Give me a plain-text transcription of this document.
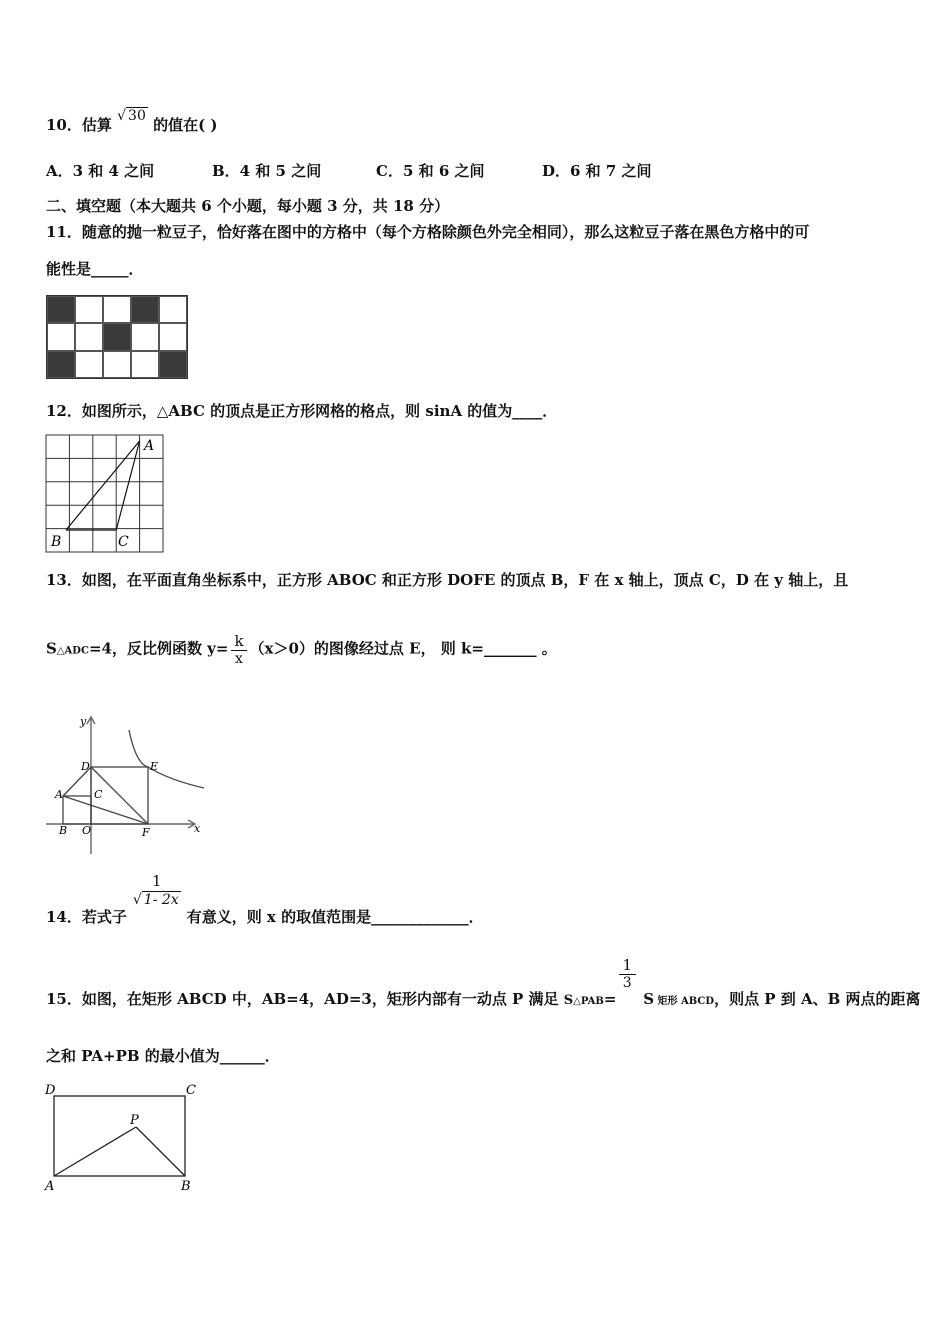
10．估算 √ 30 的值在( )
A．3 和 4 之间	B．4 和 5 之间	C．5 和 6 之间	D．6 和 7 之间
二、填空题（本大题共 6 个小题，每小题 3 分，共 18 分）
11．随意的抛一粒豆子，恰好落在图中的方格中（每个方格除颜色外完全相同），那么这粒豆子落在黑色方格中的可
能性是_____．
12．如图所示，△ABC 的顶点是正方形网格的格点，则 sinA 的值为____．
A
B	C
13．如图，在平面直角坐标系中，正方形 ABOC 和正方形 DOFE 的顶点 B，F 在 x 轴上，顶点 C，D 在 y 轴上，且
S△ADC=4，反比例函数 $y= \frac{k}{x} (x>0)$的图像经过点 E， 则 k=_______ 。
y
x
D	E
A	C
B O	F
14．若式子
1
√ 1- 2x
有意义，则 x 的取值范围是_____________．
15．如图，在矩形 ABCD 中，AB=4，AD=3，矩形内部有一动点 P 满足 $S_{\triangle PAB}=$
$\frac{1}{3}$
S $_{矩形 ABCD}$，则点 P 到 A、B 两点的距离
之和 PA+PB 的最小值为______．
D	C
P
A	B
